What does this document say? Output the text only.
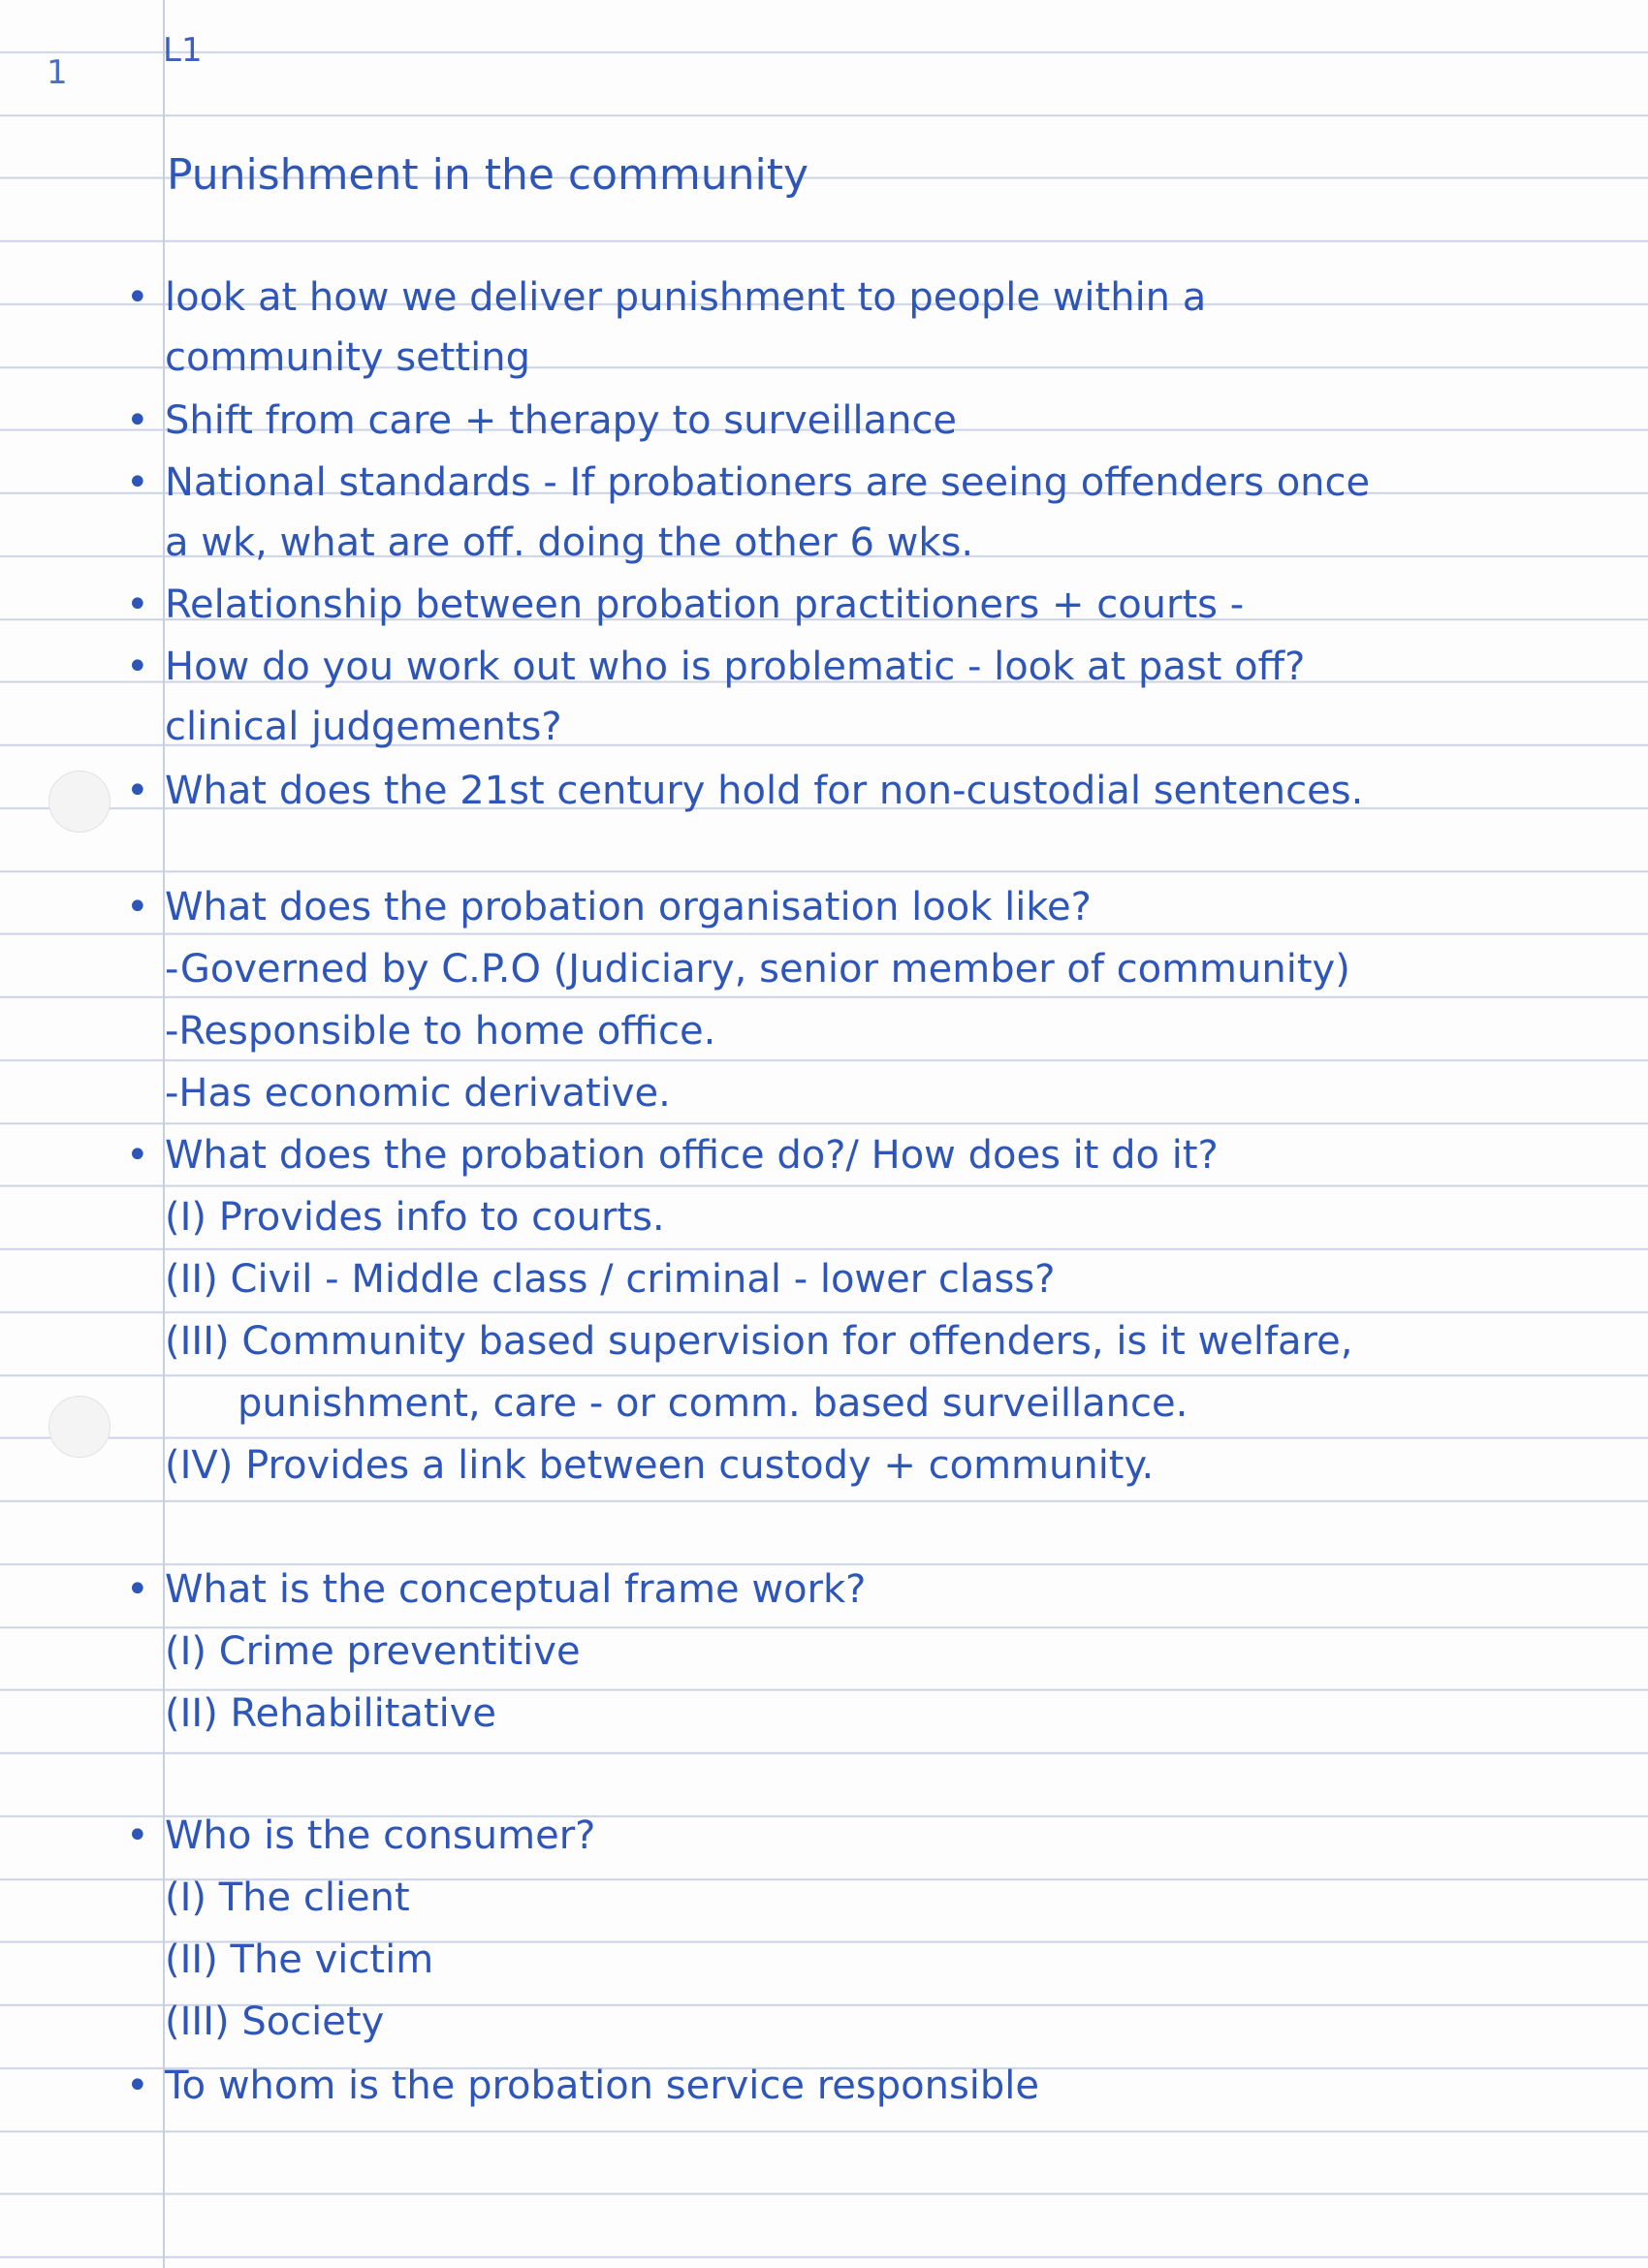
1
L1
Punishment in the community
•
•
•
•
•
•
•
•
•
•
•
look at how we deliver punishment to people within a
community setting
Shift from care + therapy to surveillance
National standards - If probationers are seeing offenders once
a wk, what are off. doing the other 6 wks.
Relationship between probation practitioners + courts -
How do you work out who is problematic - look at past off?
clinical judgements?
What does the 21st century hold for non-custodial sentences.
What does the probation organisation look like?
-Governed by C.P.O (Judiciary, senior member of community)
-Responsible to home office.
-Has economic derivative.
What does the probation office do?/ How does it do it?
(I) Provides info to courts.
(II) Civil - Middle class / criminal - lower class?
(III) Community based supervision for offenders, is it welfare,
punishment, care - or comm. based surveillance.
(IV) Provides a link between custody + community.
What is the conceptual frame work?
(I) Crime preventitive
(II) Rehabilitative
Who is the consumer?
(I) The client
(II) The victim
(III) Society
To whom is the probation service responsible
